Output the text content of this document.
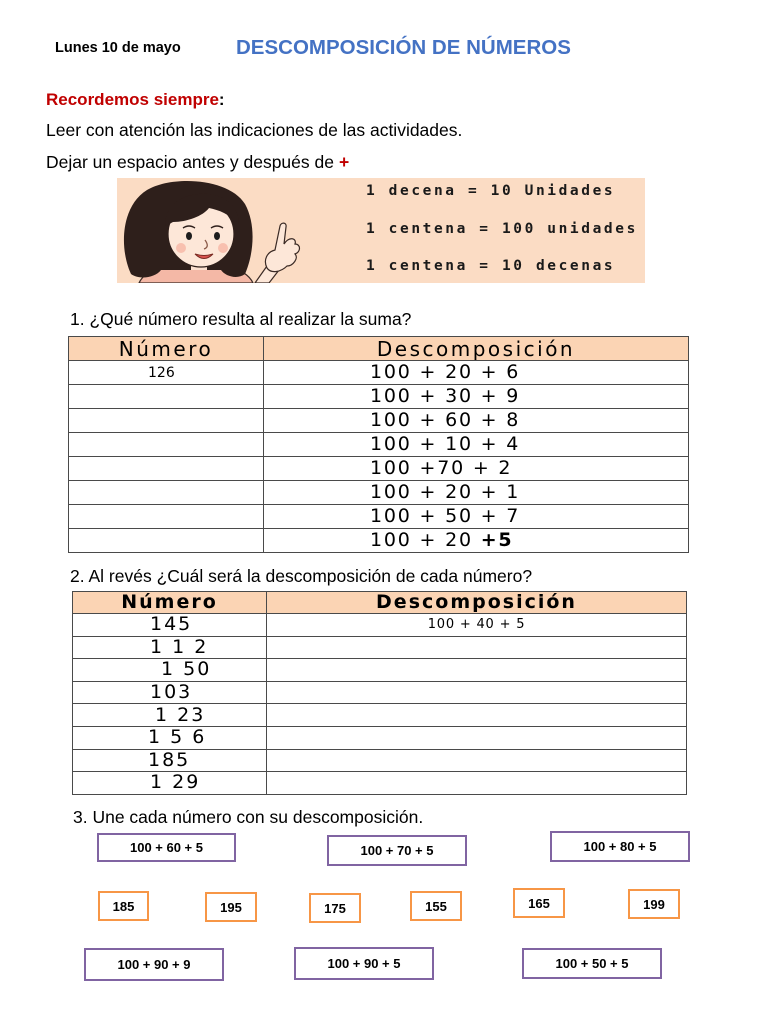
Lunes 10 de mayo	DESCOMPOSICIÓN DE NÚMEROS
Recordemos siempre:
Leer con atención las indicaciones de las actividades.
Dejar un espacio antes y después de +
1 decena = 10 Unidades
1 centena = 100 unidades
1 centena = 10 decenas
1. ¿Qué número resulta al realizar la suma?
Número	Descomposición
126	100 + 20 + 6
	100 + 30 + 9
	100 + 60 + 8
	100 + 10 + 4
	100 +70 + 2
	100 + 20 + 1
	100 + 50 + 7
	100 + 20 +5
2. Al revés ¿Cuál será la descomposición de cada número?
Número	Descomposición
145	100 + 40 + 5
1 1 2	
1 50	
103	
1 23	
1 5 6	
185	
1 29	
3. Une cada número con su descomposición.
100 + 60 + 5	100 + 70 + 5	100 + 80 + 5
185	195	175	155	165	199
100 + 90 + 9	100 + 90 + 5	100 + 50 + 5
